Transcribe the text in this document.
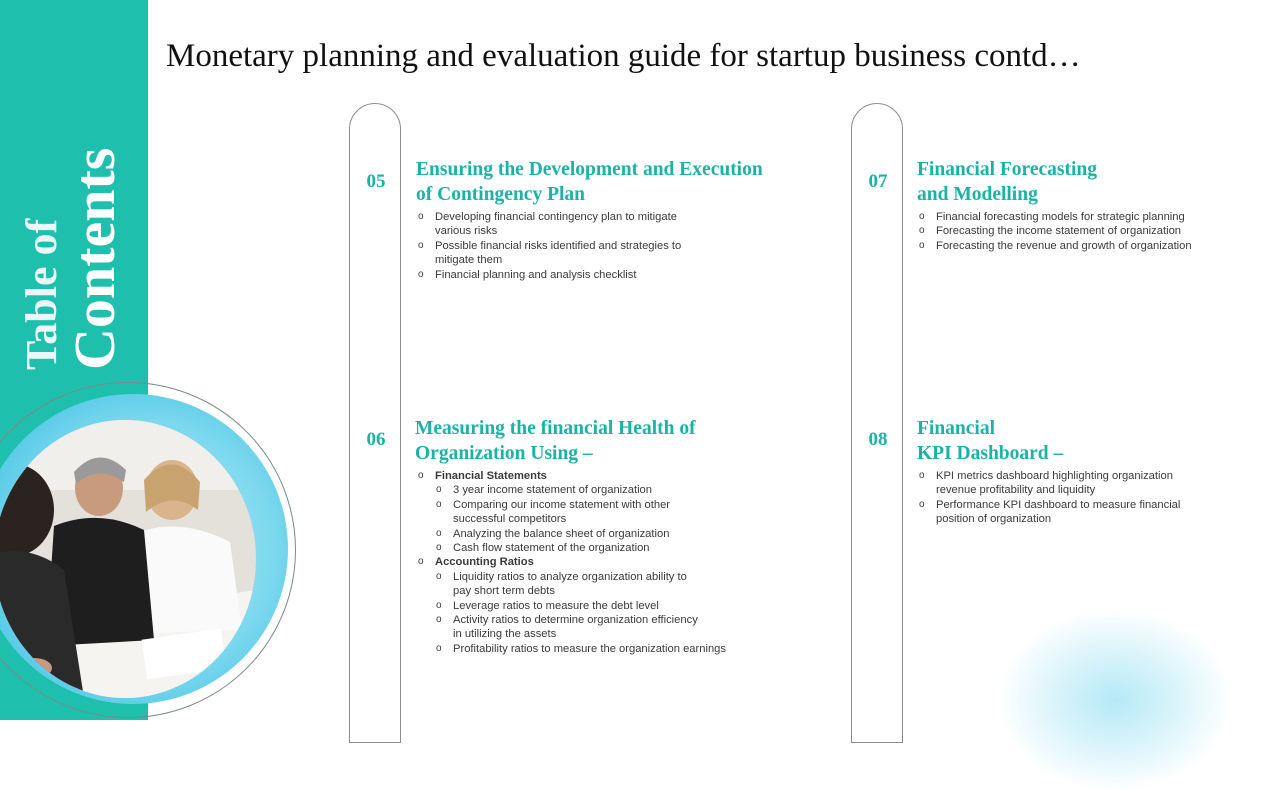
Table of
Contents
Monetary planning and evaluation guide for startup business contd…
05
Ensuring the Development and Execution
of Contingency Plan
o Developing financial contingency plan to mitigate
various risks
o Possible financial risks identified and strategies to
mitigate them
o Financial planning and analysis checklist
06
Measuring the financial Health of
Organization Using –
o Financial Statements
o 3 year income statement of organization
o Comparing our income statement with other
successful competitors
o Analyzing the balance sheet of organization
o Cash flow statement of the organization
o Accounting Ratios
o Liquidity ratios to analyze organization ability to
pay short term debts
o Leverage ratios to measure the debt level
o Activity ratios to determine organization efficiency
in utilizing the assets
o Profitability ratios to measure the organization earnings
07
Financial Forecasting
and Modelling
o Financial forecasting models for strategic planning
o Forecasting the income statement of organization
o Forecasting the revenue and growth of organization
08
Financial
KPI Dashboard –
o KPI metrics dashboard highlighting organization
revenue profitability and liquidity
o Performance KPI dashboard to measure financial
position of organization
